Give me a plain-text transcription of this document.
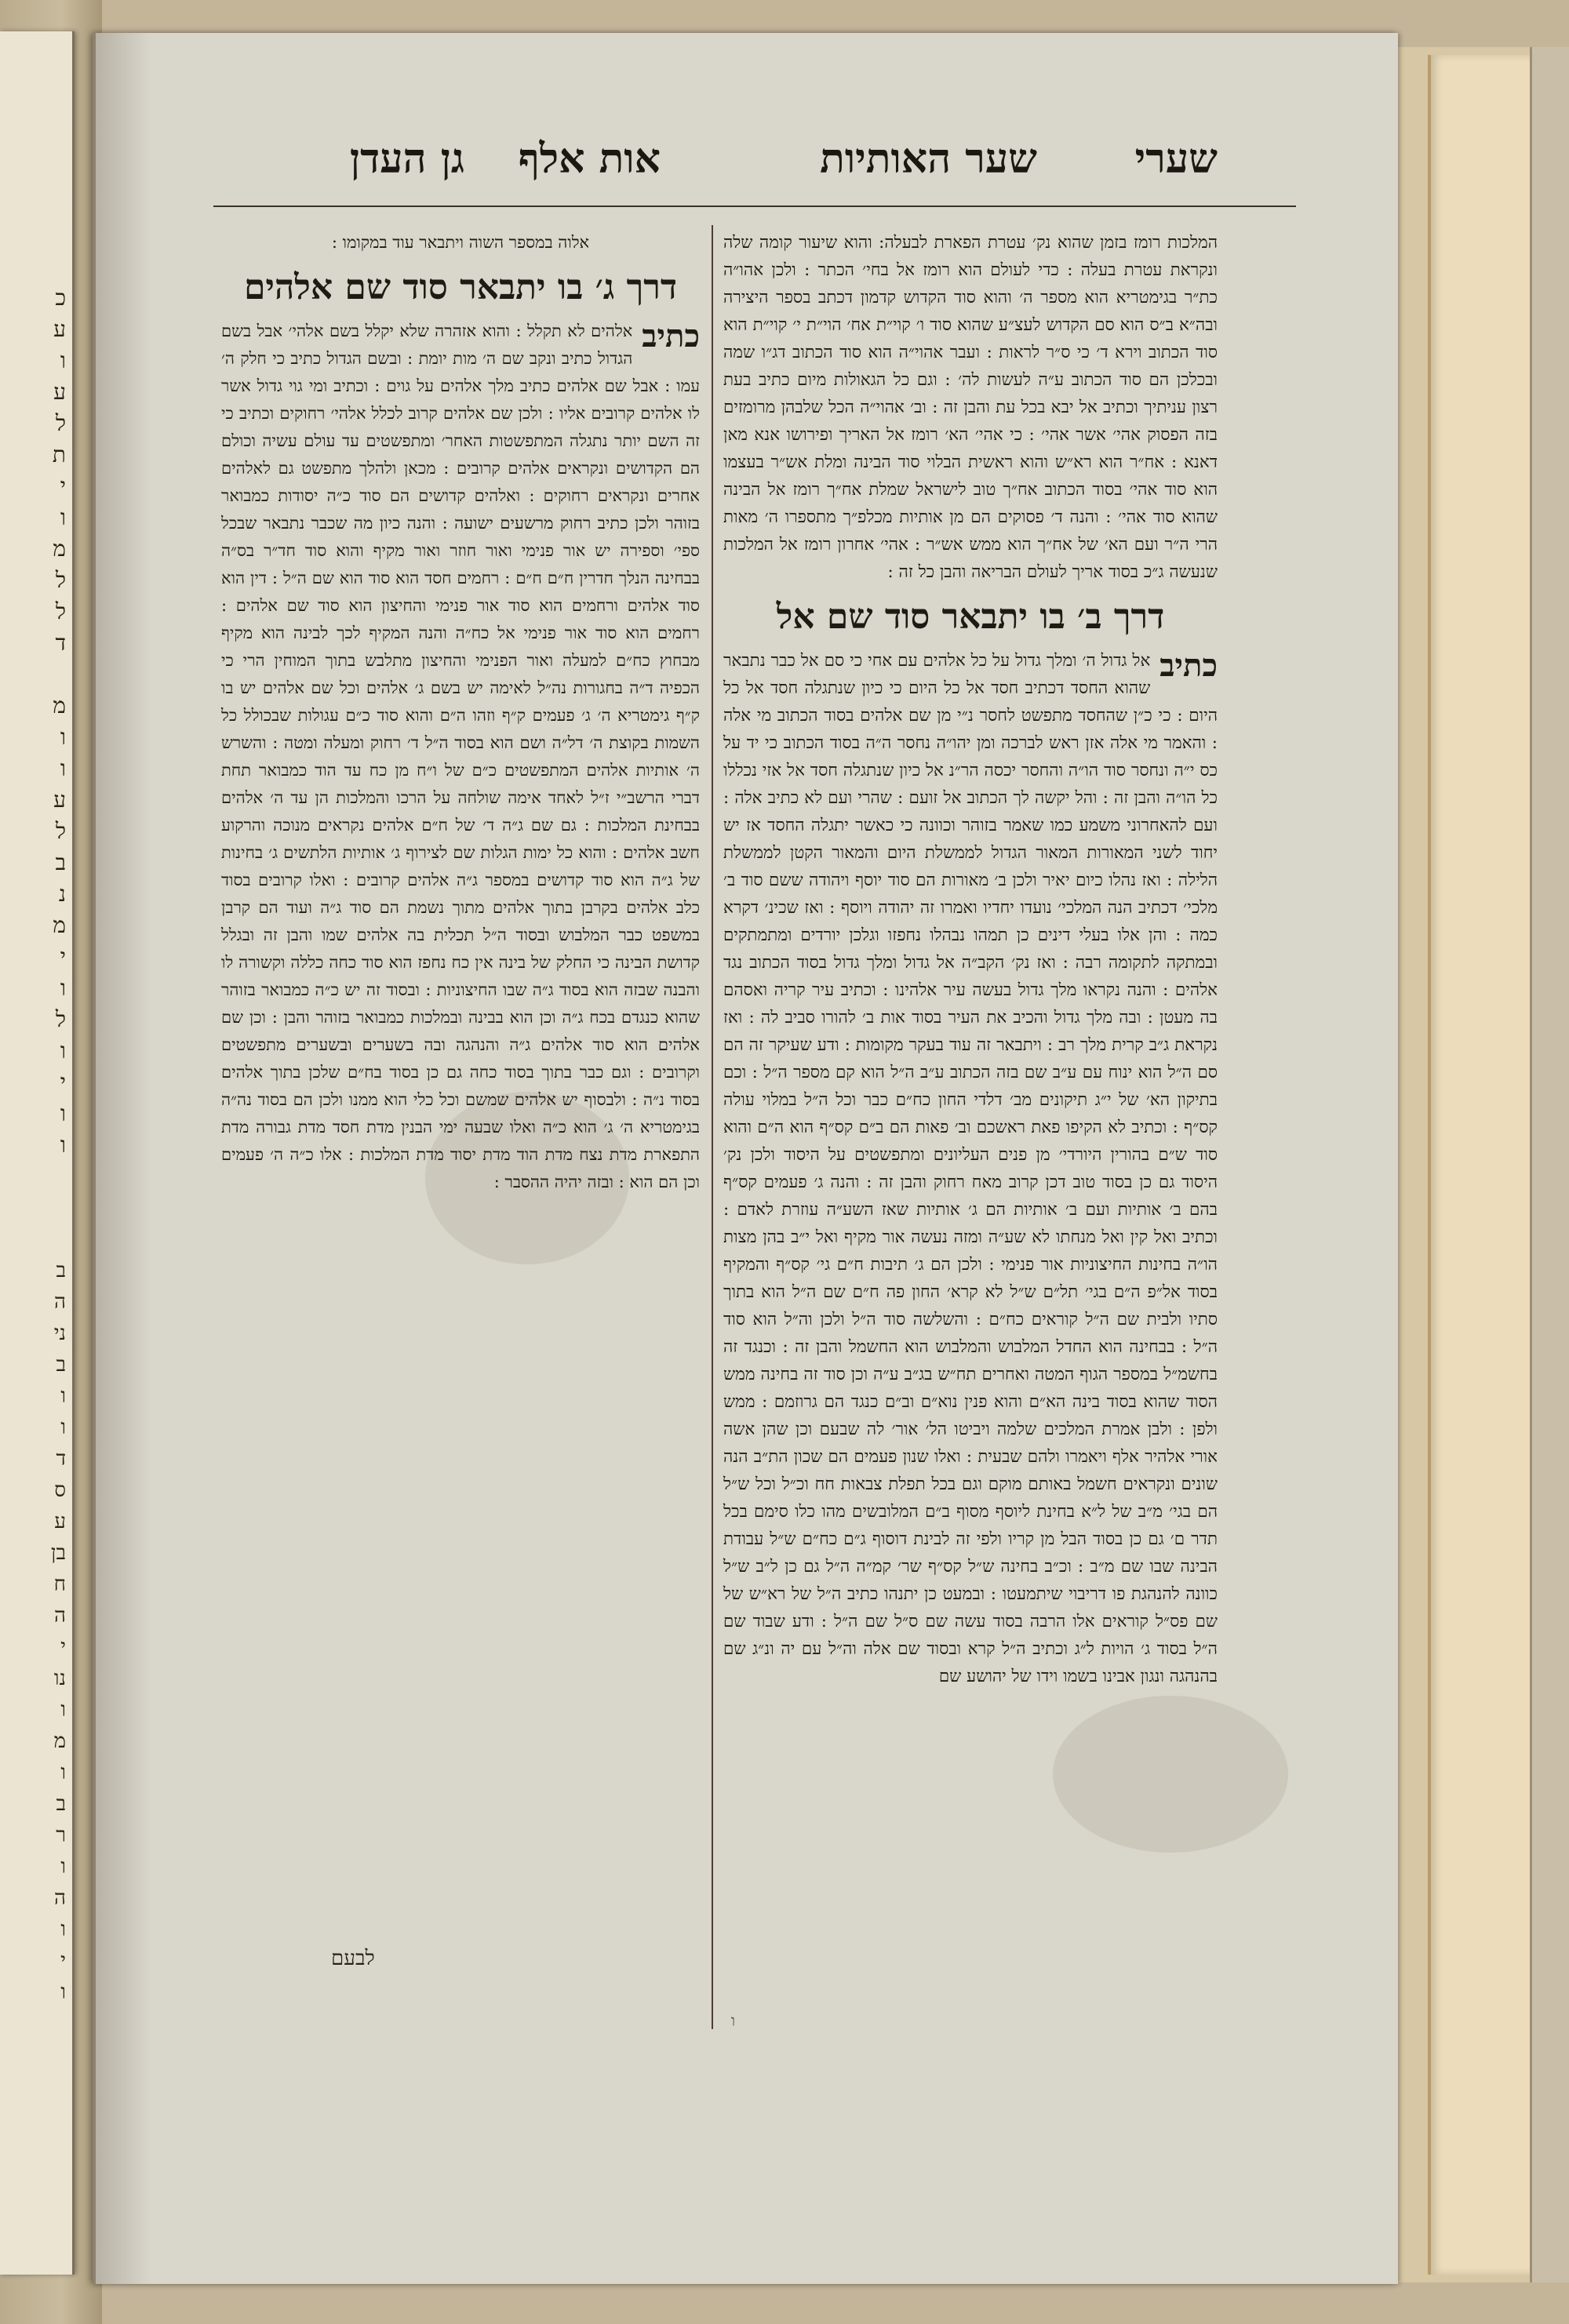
כ
ע
ו
ע
ל
ת
י
ו
מ
ל
ל
ד

מ
ו
ו
ע
ל
ב
נ
מ
י
ו
ל
ו
י
ו
ו
ב
ה
ני
ב
ו
ו
ד
ס
ע
בן
ח
ה
י
נו
ו
מ
ו
ב
ר
ו
ה
ו
י
ו
שערי
שער האותיות
אות אלף
גן העדן

המלכות רומז בזמן שהוא נק׳ עטרת הפארת לבעלה: והוא שיעור קומה שלה ונקראת עטרת בעלה : כדי לעולם הוא רומז אל בחי׳ הכתר : ולכן אהו״ה כת״ר בגימטריא הוא מספר ה׳ והוא סוד הקדוש קדמון דכתב בספר היצירה ובה״א ב״ס הוא סם הקדוש לעצ״ע שהוא סוד ו׳ קוי״ת אח׳ הוי״ת י׳ קוי״ת הוא סוד הכתוב וירא ד׳ כי ס״ר לראות : ועבר אהוי״ה הוא סוד הכתוב דג״ו שמה ובכלכן הם סוד הכתוב ע״ה לעשות לה׳ : וגם כל הגאולות מיום כתיב בעת רצון עניתיך וכתיב אל יבא בכל עת והבן זה : וב׳ אהוי״ה הכל שלבהן מרומזים בזה הפסוק אהי׳ אשר אהי׳ : כי אהי׳ הא׳ רומז אל האריך ופירושו אנא מאן דאנא : אח״ר הוא רא״ש והוא ראשית הבלוי סוד הבינה ומלת אש״ר בעצמו הוא סוד אהי׳ בסוד הכתוב אח״ך טוב לישראל שמלת אח״ך רומז אל הבינה שהוא סוד אהי׳ : והנה ד׳ פסוקים הם מן אותיות מכלפ״ך מתספרו ה׳ מאות הרי ה״ר ועם הא׳ של אח״ך הוא ממש אש״ר : אהי׳ אחרון רומז אל המלכות שנעשה ג״כ בסוד אריך לעולם הבריאה והבן כל זה :

דרך ב׳ בו יתבאר סוד שם אל
כתיב

אל גדול ה׳ ומלך גדול על כל אלהים עם אחי כי סם אל כבר נתבאר שהוא החסד דכתיב חסד אל כל היום כי כיון שנתגלה חסד אל כל היום : כי כ״ן שהחסד מתפשט לחסר נ״י מן שם אלהים בסוד הכתוב מי אלה : והאמר מי אלה אזן ראש לברכה ומן יהו״ה נחסר ה״ה בסוד הכתוב כי יד על כס י״ה ונחסר סוד הו״ה והחסר יכסה הר״נ אל כיון שנתגלה חסד אל אזי נכללו כל הו״ה והבן זה : והל יקשה לך הכתוב אל זועם : שהרי ועם לא כתיב אלה : ועם להאחרוני משמע כמו שאמר בזוהר וכוונה כי כאשר יתגלה החסד אז יש יחוד לשני המאורות המאור הגדול לממשלת היום והמאור הקטן לממשלת הלילה : ואז נהלו כיום יאיר ולכן ב׳ מאורות הם סוד יוסף ויהודה ששם סוד ב׳ מלכי׳ דכתיב הנה המלכי׳ נועדו יחדיו ואמרו זה יהודה ויוסף : ואז שכינ׳ דקרא כמה : והן אלו בעלי דינים כן תמהו נבהלו נחפזו וגלכן יורדים ומתמתקים ובמתקה לתקומה רבה : ואז נק׳ הקב״ה אל גדול ומלך גדול בסוד הכתוב נגד אלהים : והנה נקראו מלך גדול בעשה עיר אלהינו : וכתיב עיר קריה ואסהם בה מעטן : ובה מלך גדול והכיב את העיר בסוד אות ב׳ להורו סביב לה : ואז נקראת ג״ב קרית מלך רב : ויתבאר זה עוד בעקר מקומות : ודע שעיקר זה הם סם ה״ל הוא ינוח עם ע״ב שם בזה הכתוב ע״ב ה״ל הוא קם מספר ה״ל : וכם בתיקון הא׳ של י״ג תיקונים מב׳ דלדי החון כח״ם כבר וכל ה״ל במלוי עולה קס״ף : וכתיב לא הקיפו פאת ראשכם וב׳ פאות הם ב״ם קס״ף הוא ה״ם והוא סוד ש״ם בהורין היורדי׳ מן פנים העליונים ומתפשטים על היסוד ולכן נק׳ היסוד גם כן בסוד טוב דכן קרוב מאח רחוק והבן זה : והנה ג׳ פעמים קס״ף בהם ב׳ אותיות ועם ב׳ אותיות הם ג׳ אותיות שאז השע״ה עוזרת לאדם : וכתיב ואל קין ואל מנחתו לא שע״ה ומזה נעשה אור מקיף ואל י״ב בהן מצות הו״ה בחינות החיצוניות אור פנימי : ולכן הם ג׳ תיבות ח״ם גי׳ קס״ף והמקיף בסוד אל״פ ה״ם בגי׳ תל״ם ש״ל לא קרא׳ החון פה ח״ם שם ה״ל הוא בתוך סתיו ולבית שם ה״ל קוראים כח״ם : והשלשה סוד ה״ל ולכן וה״ל הוא סוד ה״ל : בבחינה הוא החדל המלבוש והמלבוש הוא החשמל והבן זה : וכנגד זה בחשמ״ל במספר הגוף המטה ואחרים תח״ש בג״ב ע״ה וכן סוד זה בחינה ממש הסוד שהוא בסוד בינה הא״ם והוא פנין נוא״ם וב״ם כנגד הם גרוזמם : ממש ולפן : ולבן אמרת המלכים שלמה ויביטו הל׳ אור׳ לה שבעם וכן שהן אשה אורי אלהיר אלף ויאמרו ולהם שבעית : ואלו שנון פעמים הם שכון הת״ב הנה שונים ונקראים חשמל באותם מוקם וגם בכל תפלת צבאות חח וכ״ל וכל ש״ל הם בגי׳ מ״ב של ל״א בחינת ליוסף מסוף ב״ם המלובשים מהו כלו סימם בכל תדר ם׳ גם כן בסוד הבל מן קריו ולפי זה לבינת דוסוף ג״ם כח״ם ש״ל עבודת הבינה שבו שם מ״ב : וכ״ב בחינה ש״ל קס״ף שר׳ קמ״ה ה״ל גם כן ל״ב ש״ל כוונה להנהגת פו דריבוי שיתמעטו : ובמעט כן יתנהו כתיב ה״ל של רא״ש של שם פס״ל קוראים אלו הרבה בסוד עשה שם ס״ל שם ה״ל : ודע שבוד שם ה״ל בסוד ג׳ הויות ל״ג וכתיב ה״ל קרא ובסוד שם אלה וה״ל עם יה ונ״ג שם בהנהגה ונגון אבינו בשמו וידו של יהושע שם

אלוה במספר השוה ויתבאר עוד במקומו :

דרך ג׳ בו יתבאר סוד שם אלהים
כתיב

אלהים לא תקלל : והוא אזהרה שלא יקלל בשם אלהי׳ אבל בשם הגדול כתיב ונקב שם ה׳ מות יומת : ובשם הגדול כתיב כי חלק ה׳ עמו : אבל שם אלהים כתיב מלך אלהים על גוים : וכתיב ומי גוי גדול אשר לו אלהים קרובים אליו : ולכן שם אלהים קרוב לכלל אלהי׳ רחוקים וכתיב כי זה השם יותר נתגלה המתפשטות האחר׳ ומתפשטים עד עולם עשיה וכולם הם הקדושים ונקראים אלהים קרובים : מכאן ולהלך מתפשט גם לאלהים אחרים ונקראים רחוקים : ואלהים קדושים הם סוד כ״ה יסודות כמבואר בזוהר ולכן כתיב רחוק מרשעים ישועה : והנה כיון מה שכבר נתבאר שבכל ספי׳ וספירה יש אור פנימי ואור חוזר ואור מקיף והוא סוד חד״ר בס״ה בבחינה הנלך חדרין ח״ם ח״ם : רחמים חסד הוא סוד הוא שם ה״ל : דין הוא סוד אלהים ורחמים הוא סוד אור פנימי והחיצון הוא סוד שם אלהים : רחמים הוא סוד אור פנימי אל כח״ה והנה המקיף לכך לבינה הוא מקיף מבחוץ כח״ם למעלה ואור הפנימי והחיצון מתלבש בתוך המוחין הרי כי הכפיה ד״ה בחגורות נה״ל לאימה יש בשם ג׳ אלהים וכל שם אלהים יש בו ק״ף גימטריא ה׳ ג׳ פעמים ק״ף וזהו ה״ם והוא סוד כ״ם עגולות שבכולל כל השמות בקוצת ה׳ דל״ה ושם הוא בסוד ה״ל ד׳ רחוק ומעלה ומטה : והשרש ה׳ אותיות אלהים המתפשטים כ״ם של ו״ח מן כח עד הוד כמבואר תחת דברי הרשב״י ז״ל לאחד אימה שולחה על הרכו והמלכות הן עד ה׳ אלהים בבחינת המלכות : גם שם ג״ה ד׳ של ח״ם אלהים נקראים מנוכה והרקוע חשב אלהים : והוא כל ימות הגלות שם לצירוף ג׳ אותיות הלתשים ג׳ בחינות של ג״ה הוא סוד קדושים במספר ג״ה אלהים קרובים : ואלו קרובים בסוד כלב אלהים בקרבן בתוך אלהים מתוך נשמת הם סוד ג״ה ועוד הם קרבן במשפט כבר המלבוש ובסוד ה״ל תכלית בה אלהים שמו והבן זה ובגלל קדושת הבינה כי החלק של בינה אין כח נחפז הוא סוד כחה כללה וקשורה לו והבנה שבזה הוא בסוד ג״ה שבו החיצוניות : ובסוד זה יש כ״ה כמבואר בזוהר שהוא כנגדם בכח ג״ה וכן הוא בבינה ובמלכות כמבואר בזוהר והבן : וכן שם אלהים הוא סוד אלהים ג״ה והנהגה ובה בשערים ובשערים מתפשטים וקרובים : וגם כבר בתוך בסוד כחה גם כן בסוד בח״ם שלכן בתוך אלהים בסוד נ״ה : ולבסוף יש אלהים שמשם וכל כלי הוא ממנו ולכן הם בסוד נה״ה בגימטריא ה׳ ג׳ הוא כ״ה ואלו שבעה ימי הבנין מדת חסד מדת גבורה מדת התפארת מדת נצח מדת הוד מדת יסוד מדת המלכות : אלו כ״ה ה׳ פעמים וכן הם הוא : ובזה יהיה ההסבר :

לבעם
ו
